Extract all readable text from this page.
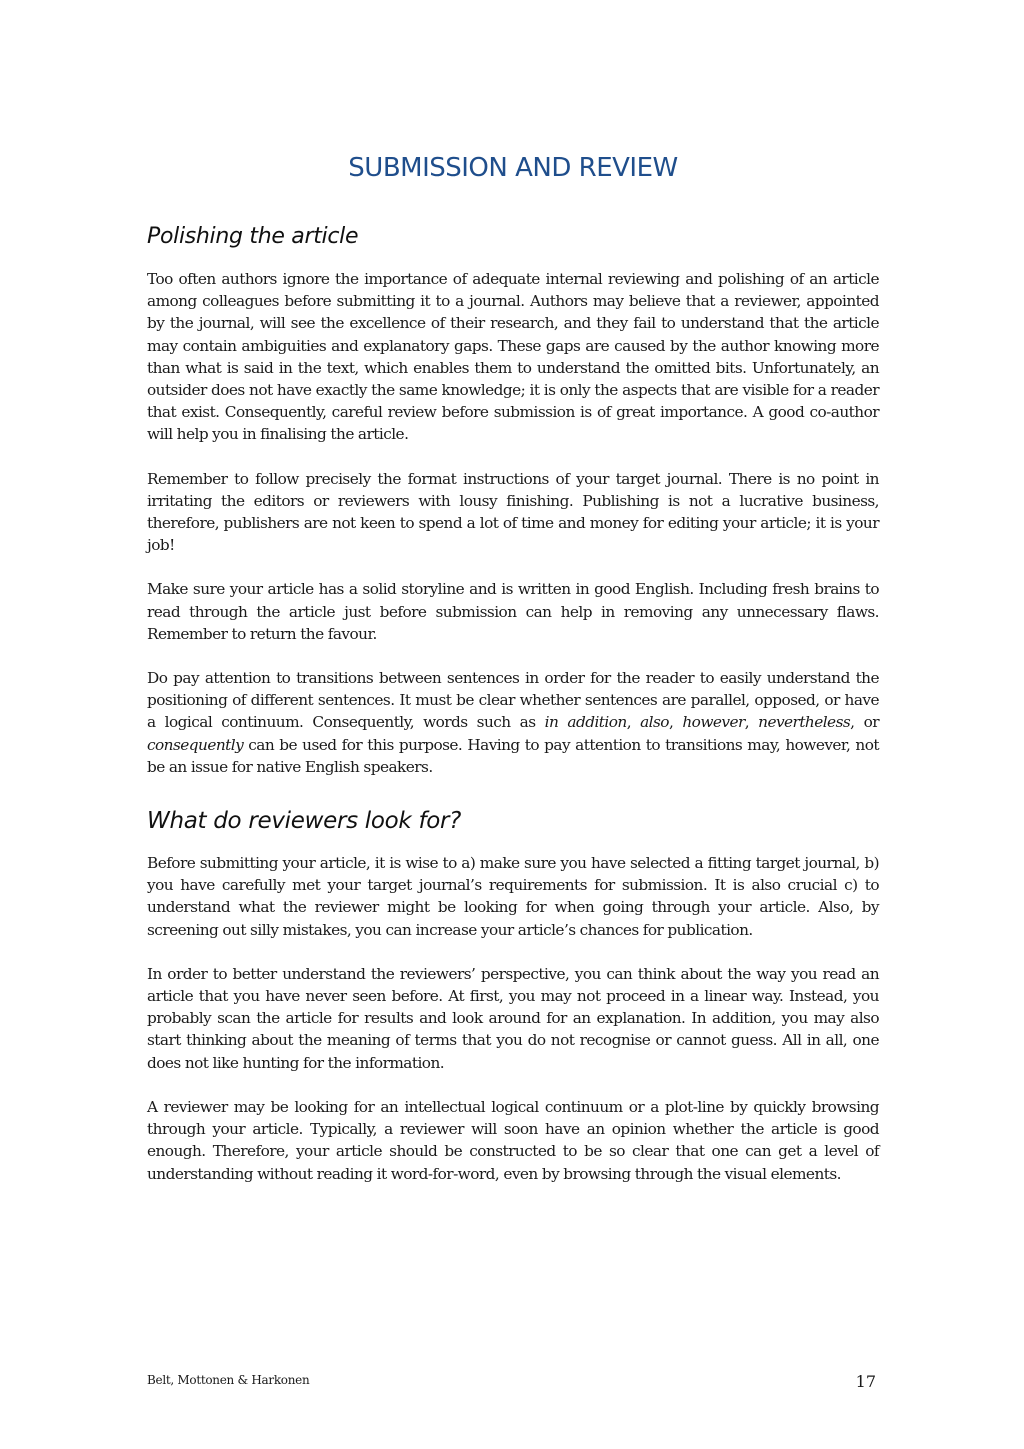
SUBMISSION AND REVIEW
Polishing the article

Too often authors ignore the importance of adequate internal reviewing and polishing of an article among colleagues before submitting it to a journal. Authors may believe that a reviewer, appointed by the journal, will see the excellence of their research, and they fail to understand that the article may contain ambiguities and explanatory gaps. These gaps are caused by the author knowing more than what is said in the text, which enables them to understand the omitted bits. Unfortunately, an outsider does not have exactly the same knowledge; it is only the aspects that are visible for a reader that exist. Consequently, careful review before submission is of great importance. A good co-author will help you in finalising the article.

Remember to follow precisely the format instructions of your target journal. There is no point in irritating the editors or reviewers with lousy finishing. Publishing is not a lucrative business, therefore, publishers are not keen to spend a lot of time and money for editing your article; it is your job!

Make sure your article has a solid storyline and is written in good English. Including fresh brains to read through the article just before submission can help in removing any unnecessary flaws. Remember to return the favour.

Do pay attention to transitions between sentences in order for the reader to easily understand the positioning of different sentences. It must be clear whether sentences are parallel, opposed, or have a logical continuum. Consequently, words such as in addition, also, however, nevertheless, or consequently can be used for this purpose. Having to pay attention to transitions may, however, not be an issue for native English speakers.

What do reviewers look for?

Before submitting your article, it is wise to a) make sure you have selected a fitting target journal, b) you have carefully met your target journal’s requirements for submission. It is also crucial c) to understand what the reviewer might be looking for when going through your article. Also, by screening out silly mistakes, you can increase your article’s chances for publication.

In order to better understand the reviewers’ perspective, you can think about the way you read an article that you have never seen before. At first, you may not proceed in a linear way. Instead, you probably scan the article for results and look around for an explanation. In addition, you may also start thinking about the meaning of terms that you do not recognise or cannot guess. All in all, one does not like hunting for the information.

A reviewer may be looking for an intellectual logical continuum or a plot-line by quickly browsing through your article. Typically, a reviewer will soon have an opinion whether the article is good enough. Therefore, your article should be constructed to be so clear that one can get a level of understanding without reading it word-for-word, even by browsing through the visual elements.

Belt, Mottonen & Harkonen	17
